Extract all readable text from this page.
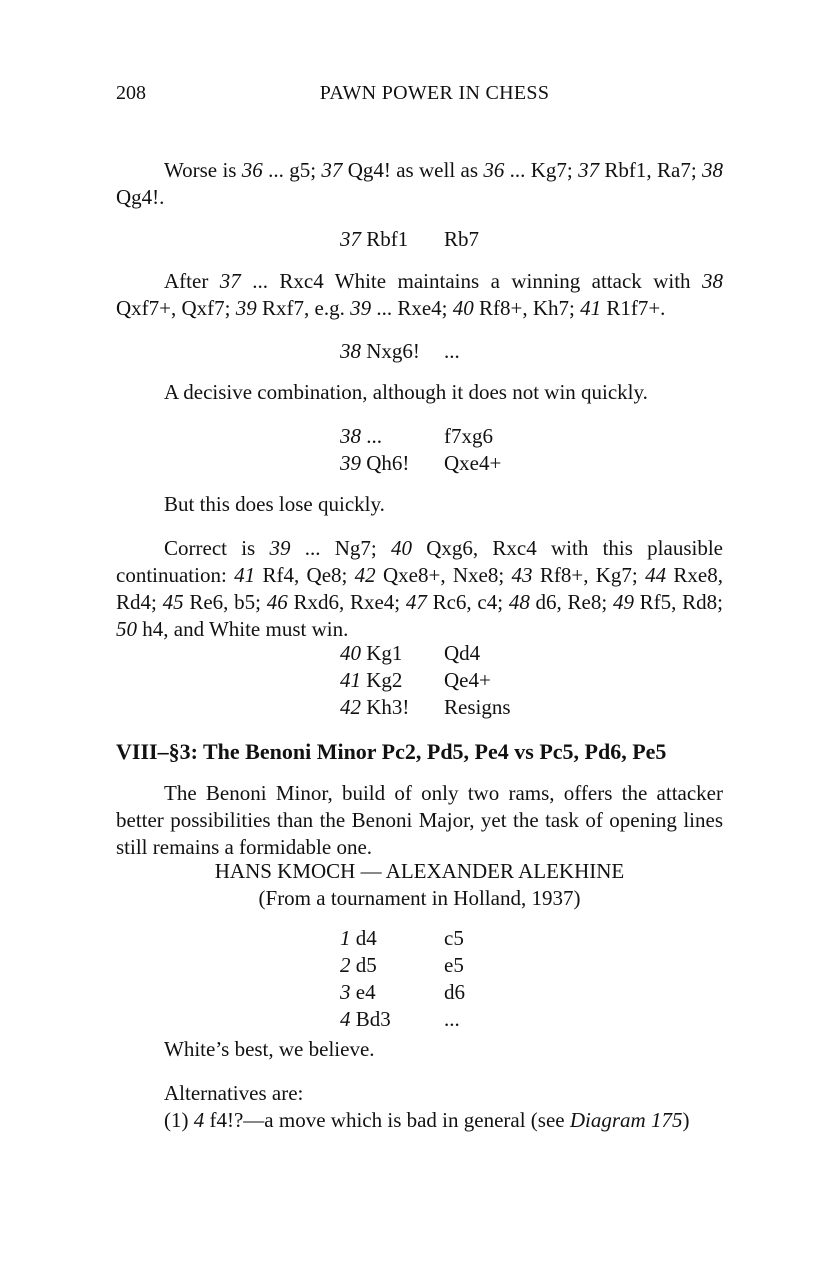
208	PAWN POWER IN CHESS
Worse is 36 ... g5; 37 Qg4! as well as 36 ... Kg7; 37 Rbf1, Ra7; 38 Qg4!.
37 Rbf1 Rb7
After 37 ... Rxc4 White maintains a winning attack with 38 Qxf7+, Qxf7; 39 Rxf7, e.g. 39 ... Rxe4; 40 Rf8+, Kh7; 41 R1f7+.
38 Nxg6! ...
A decisive combination, although it does not win quickly.
38 ...	f7xg6
39 Qh6! Qxe4+
But this does lose quickly.
Correct is 39 ... Ng7; 40 Qxg6, Rxc4 with this plausible continuation: 41 Rf4, Qe8; 42 Qxe8+, Nxe8; 43 Rf8+, Kg7; 44 Rxe8, Rd4; 45 Re6, b5; 46 Rxd6, Rxe4; 47 Rc6, c4; 48 d6, Re8; 49 Rf5, Rd8; 50 h4, and White must win.
40 Kg1 Qd4
41 Kg2 Qe4+
42 Kh3! Resigns
VIII–§3: The Benoni Minor Pc2, Pd5, Pe4 vs Pc5, Pd6, Pe5
The Benoni Minor, build of only two rams, offers the attacker better possibilities than the Benoni Major, yet the task of opening lines still remains a formidable one.
HANS KMOCH — ALEXANDER ALEKHINE
(From a tournament in Holland, 1937)
1 d4	c5
2 d5	e5
3 e4	d6
4 Bd3	...
White’s best, we believe.
Alternatives are:
(1) 4 f4!?—a move which is bad in general (see Diagram 175)
